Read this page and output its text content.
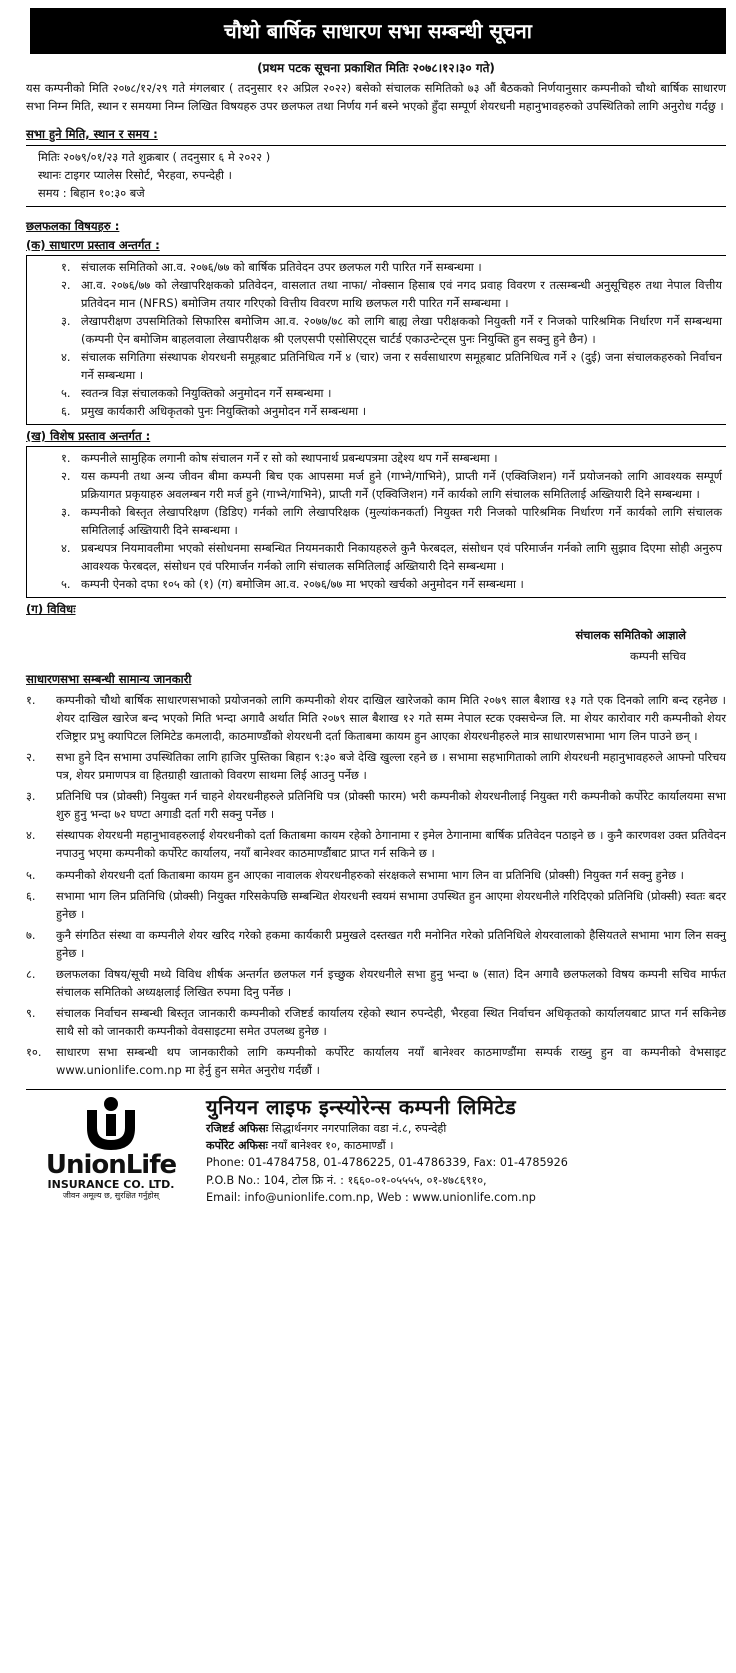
चौथो बार्षिक साधारण सभा सम्बन्धी सूचना
(प्रथम पटक सूचना प्रकाशित मितिः २०७८।१२।३० गते)
यस कम्पनीको मिति २०७८/१२/२९ गते मंगलबार ( तदनुसार १२ अप्रिल २०२२) बसेको संचालक समितिको ७३ औं बैठकको निर्णयानुसार कम्पनीको चौथो बार्षिक साधारण सभा निम्न मिति, स्थान र समयमा निम्न लिखित विषयहरु उपर छलफल तथा निर्णय गर्न बस्ने भएको हुँदा सम्पूर्ण शेयरधनी महानुभावहरुको उपस्थितिको लागि अनुरोध गर्दछु ।
सभा हुने मिति, स्थान र समय :
मितिः २०७९/०१/२३ गते शुक्रबार ( तदनुसार ६ मे २०२२ )
स्थानः टाइगर प्यालेस रिसोर्ट, भैरहवा, रुपन्देही ।
समय : बिहान १०:३० बजे
छलफलका विषयहरु :
(क) साधारण प्रस्ताव अन्तर्गत :
१. संचालक समितिको आ.व. २०७६/७७ को बार्षिक प्रतिवेदन उपर छलफल गरी पारित गर्ने सम्बन्धमा ।
२. आ.व. २०७६/७७ को लेखापरिक्षकको प्रतिवेदन, वासलात तथा नाफा/ नोक्सान हिसाब एवं नगद प्रवाह विवरण र तत्सम्बन्धी अनुसूचिहरु तथा नेपाल वित्तीय प्रतिवेदन मान (NFRS) बमोजिम तयार गरिएको वित्तीय विवरण माथि छलफल गरी पारित गर्ने सम्बन्धमा ।
३. लेखापरीक्षण उपसमितिको सिफारिस बमोजिम आ.व. २०७७/७८ को लागि बाह्य लेखा परीक्षकको नियुक्ती गर्ने र निजको पारिश्रमिक निर्धारण गर्ने सम्बन्धमा (कम्पनी ऐन बमोजिम बाहलवाला लेखापरीक्षक श्री एलएसपी एसोसिएट्स चार्टर्ड एकाउन्टेन्ट्स पुनः नियुक्ति हुन सक्नु हुने छैन) ।
४. संचालक सगितिगा संस्थापक शेयरधनी समूहबाट प्रतिनिधित्व गर्ने ४ (चार) जना र सर्वसाधारण समूहबाट प्रतिनिधित्व गर्ने २ (दुई) जना संचालकहरुको निर्वाचन गर्ने सम्बन्धमा ।
५. स्वतन्त्र विज्ञ संचालकको नियुक्तिको अनुमोदन गर्ने सम्बन्धमा ।
६. प्रमुख कार्यकारी अधिकृतको पुनः नियुक्तिको अनुमोदन गर्ने सम्बन्धमा ।
(ख) विशेष प्रस्ताव अन्तर्गत :
१. कम्पनीले सामुहिक लगानी कोष संचालन गर्ने र सो को स्थापनार्थ प्रबन्धपत्रमा उद्देश्य थप गर्ने सम्बन्धमा ।
२. यस कम्पनी तथा अन्य जीवन बीमा कम्पनी बिच एक आपसमा मर्ज हुने (गाभ्ने/गाभिने), प्राप्ती गर्ने (एक्विजिशन) गर्ने प्रयोजनको लागि आवश्यक सम्पूर्ण प्रक्रियागत प्रकृयाहरु अवलम्बन गरी मर्ज हुने (गाभ्ने/गाभिने), प्राप्ती गर्ने (एक्विजिशन) गर्ने कार्यको लागि संचालक समितिलाई अख्तियारी दिने सम्बन्धमा ।
३. कम्पनीको बिस्तृत लेखापरिक्षण (डिडिए) गर्नको लागि लेखापरिक्षक (मुल्यांकनकर्ता) नियुक्त गरी निजको पारिश्रमिक निर्धारण गर्ने कार्यको लागि संचालक समितिलाई अख्तियारी दिने सम्बन्धमा ।
४. प्रबन्धपत्र नियमावलीमा भएको संसोधनमा सम्बन्धित नियमनकारी निकायहरुले कुनै फेरबदल, संसोधन एवं परिमार्जन गर्नको लागि सुझाव दिएमा सोही अनुरुप आवश्यक फेरबदल, संसोधन एवं परिमार्जन गर्नको लागि संचालक समितिलाई अख्तियारी दिने सम्बन्धमा ।
५. कम्पनी ऐनको दफा १०५ को (१) (ग) बमोजिम आ.व. २०७६/७७ मा भएको खर्चको अनुमोदन गर्ने सम्बन्धमा ।
(ग) विविधः
संचालक समितिको आज्ञाले
कम्पनी सचिव
साधारणसभा सम्बन्धी सामान्य जानकारी
१.	कम्पनीको चौथो बार्षिक साधारणसभाको प्रयोजनको लागि कम्पनीको शेयर दाखिल खारेजको काम मिति २०७९ साल बैशाख १३ गते एक दिनको लागि बन्द रहनेछ । शेयर दाखिल खारेज बन्द भएको मिति भन्दा अगावै अर्थात मिति २०७९ साल बैशाख १२ गते सम्म नेपाल स्टक एक्सचेन्ज लि. मा शेयर कारोवार गरी कम्पनीको शेयर रजिष्ट्रार प्रभु क्यापिटल लिमिटेड कमलादी, काठमाण्डौंको शेयरधनी दर्ता किताबमा कायम हुन आएका शेयरधनीहरुले मात्र साधारणसभामा भाग लिन पाउने छन् ।
२.	सभा हुने दिन सभामा उपस्थितिका लागि हाजिर पुस्तिका बिहान ९:३० बजे देखि खुल्ला रहने छ । सभामा सहभागिताको लागि शेयरधनी महानुभावहरुले आफ्नो परिचय पत्र, शेयर प्रमाणपत्र वा हितग्राही खाताको विवरण साथमा लिई आउनु पर्नेछ ।
३.	प्रतिनिधि पत्र (प्रोक्सी) नियुक्त गर्न चाहने शेयरधनीहरुले प्रतिनिधि पत्र (प्रोक्सी फारम) भरी कम्पनीको शेयरधनीलाई नियुक्त गरी कम्पनीको कर्पोरेट कार्यालयमा सभा शुरु हुनु भन्दा ७२ घण्टा अगाडी दर्ता गरी सक्नु पर्नेछ ।
४.	संस्थापक शेयरधनी महानुभावहरुलाई शेयरधनीको दर्ता किताबमा कायम रहेको ठेगानामा र इमेल ठेगानामा बार्षिक प्रतिवेदन पठाइने छ । कुनै कारणवश उक्त प्रतिवेदन नपाउनु भएमा कम्पनीको कर्पोरेट कार्यालय, नयाँ बानेश्वर काठमाण्डौंबाट प्राप्त गर्न सकिने छ ।
५.	कम्पनीको शेयरधनी दर्ता किताबमा कायम हुन आएका नावालक शेयरधनीहरुको संरक्षकले सभामा भाग लिन वा प्रतिनिधि (प्रोक्सी) नियुक्त गर्न सक्नु हुनेछ ।
६.	सभामा भाग लिन प्रतिनिधि (प्रोक्सी) नियुक्त गरिसकेपछि सम्बन्धित शेयरधनी स्वयमं सभामा उपस्थित हुन आएमा शेयरधनीले गरिदिएको प्रतिनिधि (प्रोक्सी) स्वतः बदर हुनेछ ।
७.	कुनै संगठित संस्था वा कम्पनीले शेयर खरिद गरेको हकमा कार्यकारी प्रमुखले दस्तखत गरी मनोनित गरेको प्रतिनिधिले शेयरवालाको हैसियतले सभामा भाग लिन सक्नु हुनेछ ।
८.	छलफलका विषय/सूची मध्ये विविध शीर्षक अन्तर्गत छलफल गर्न इच्छुक शेयरधनीले सभा हुनु भन्दा ७ (सात) दिन अगावै छलफलको विषय कम्पनी सचिव मार्फत संचालक समितिको अध्यक्षलाई लिखित रुपमा दिनु पर्नेछ ।
९.	संचालक निर्वाचन सम्बन्धी बिस्तृत जानकारी कम्पनीको रजिष्टर्ड कार्यालय रहेको स्थान रुपन्देही, भैरहवा स्थित निर्वाचन अधिकृतको कार्यालयबाट प्राप्त गर्न सकिनेछ साथै सो को जानकारी कम्पनीको वेवसाइटमा समेत उपलब्ध हुनेछ ।
१०.	साधारण सभा सम्बन्धी थप जानकारीको लागि कम्पनीको कर्पोरेट कार्यालय नयाँ बानेश्वर काठमाण्डौंमा सम्पर्क राख्नु हुन वा कम्पनीको वेभसाइट www.unionlife.com.np मा हेर्नु हुन समेत अनुरोध गर्दछौं ।
UnionLife
INSURANCE CO. LTD.
जीवन अमूल्य छ, सुरक्षित गर्नुहोस्
युनियन लाइफ इन्स्योरेन्स कम्पनी लिमिटेड
रजिष्टर्ड अफिसः सिद्धार्थनगर नगरपालिका वडा नं.८, रुपन्देही
कर्पोरेट अफिसः नयाँ बानेश्वर १०, काठमाण्डौं ।
Phone: 01-4784758, 01-4786225, 01-4786339, Fax: 01-4785926
P.O.B No.: 104, टोल फ्रि नं. : १६६०-०१-०५५५५, ०१-४७८६९१०,
Email: info@unionlife.com.np, Web : www.unionlife.com.np
